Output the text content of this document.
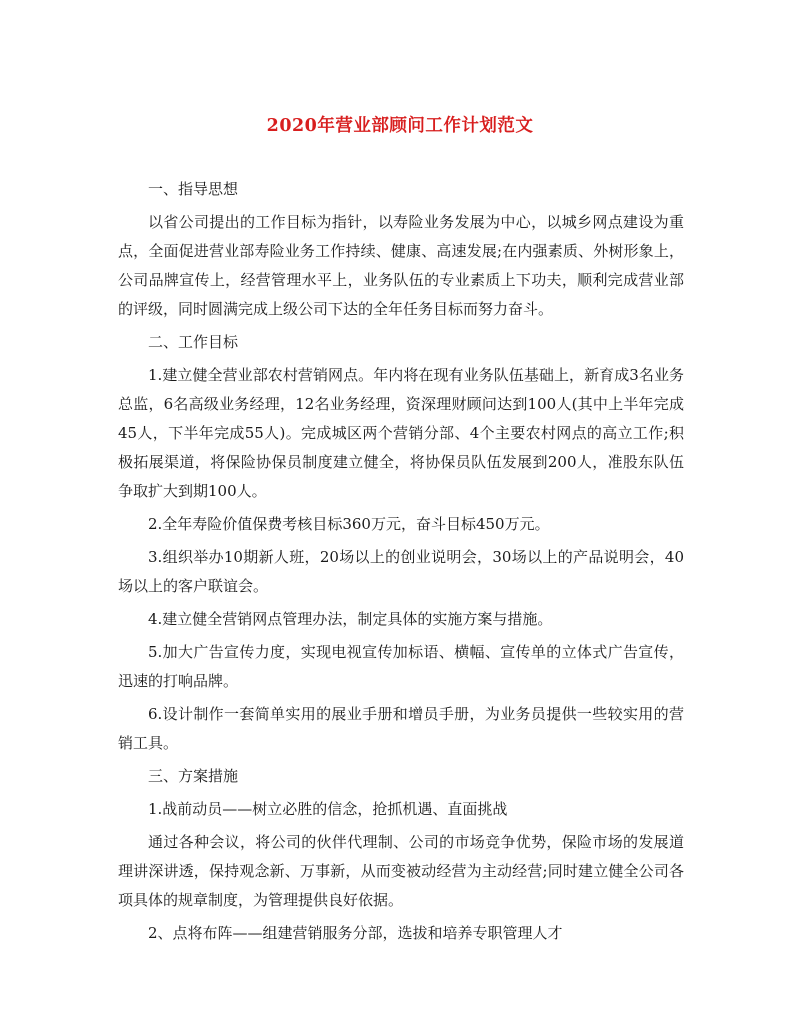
2020年营业部顾问工作计划范文

一、指导思想

以省公司提出的工作目标为指针，以寿险业务发展为中心，以城乡网点建设为重点，全面促进营业部寿险业务工作持续、健康、高速发展;在内强素质、外树形象上，公司品牌宣传上，经营管理水平上，业务队伍的专业素质上下功夫，顺利完成营业部的评级，同时圆满完成上级公司下达的全年任务目标而努力奋斗。

二、工作目标

1.建立健全营业部农村营销网点。年内将在现有业务队伍基础上，新育成3名业务总监，6名高级业务经理，12名业务经理，资深理财顾问达到100人(其中上半年完成45人，下半年完成55人)。完成城区两个营销分部、4个主要农村网点的高立工作;积极拓展渠道，将保险协保员制度建立健全，将协保员队伍发展到200人，准股东队伍争取扩大到期100人。

2.全年寿险价值保费考核目标360万元，奋斗目标450万元。

3.组织举办10期新人班，20场以上的创业说明会，30场以上的产品说明会，40场以上的客户联谊会。

4.建立健全营销网点管理办法，制定具体的实施方案与措施。

5.加大广告宣传力度，实现电视宣传加标语、横幅、宣传单的立体式广告宣传，迅速的打响品牌。

6.设计制作一套简单实用的展业手册和增员手册，为业务员提供一些较实用的营销工具。

三、方案措施

1.战前动员——树立必胜的信念，抢抓机遇、直面挑战

通过各种会议，将公司的伙伴代理制、公司的市场竞争优势，保险市场的发展道理讲深讲透，保持观念新、万事新，从而变被动经营为主动经营;同时建立健全公司各项具体的规章制度，为管理提供良好依据。

2、点将布阵——组建营销服务分部，选拔和培养专职管理人才
